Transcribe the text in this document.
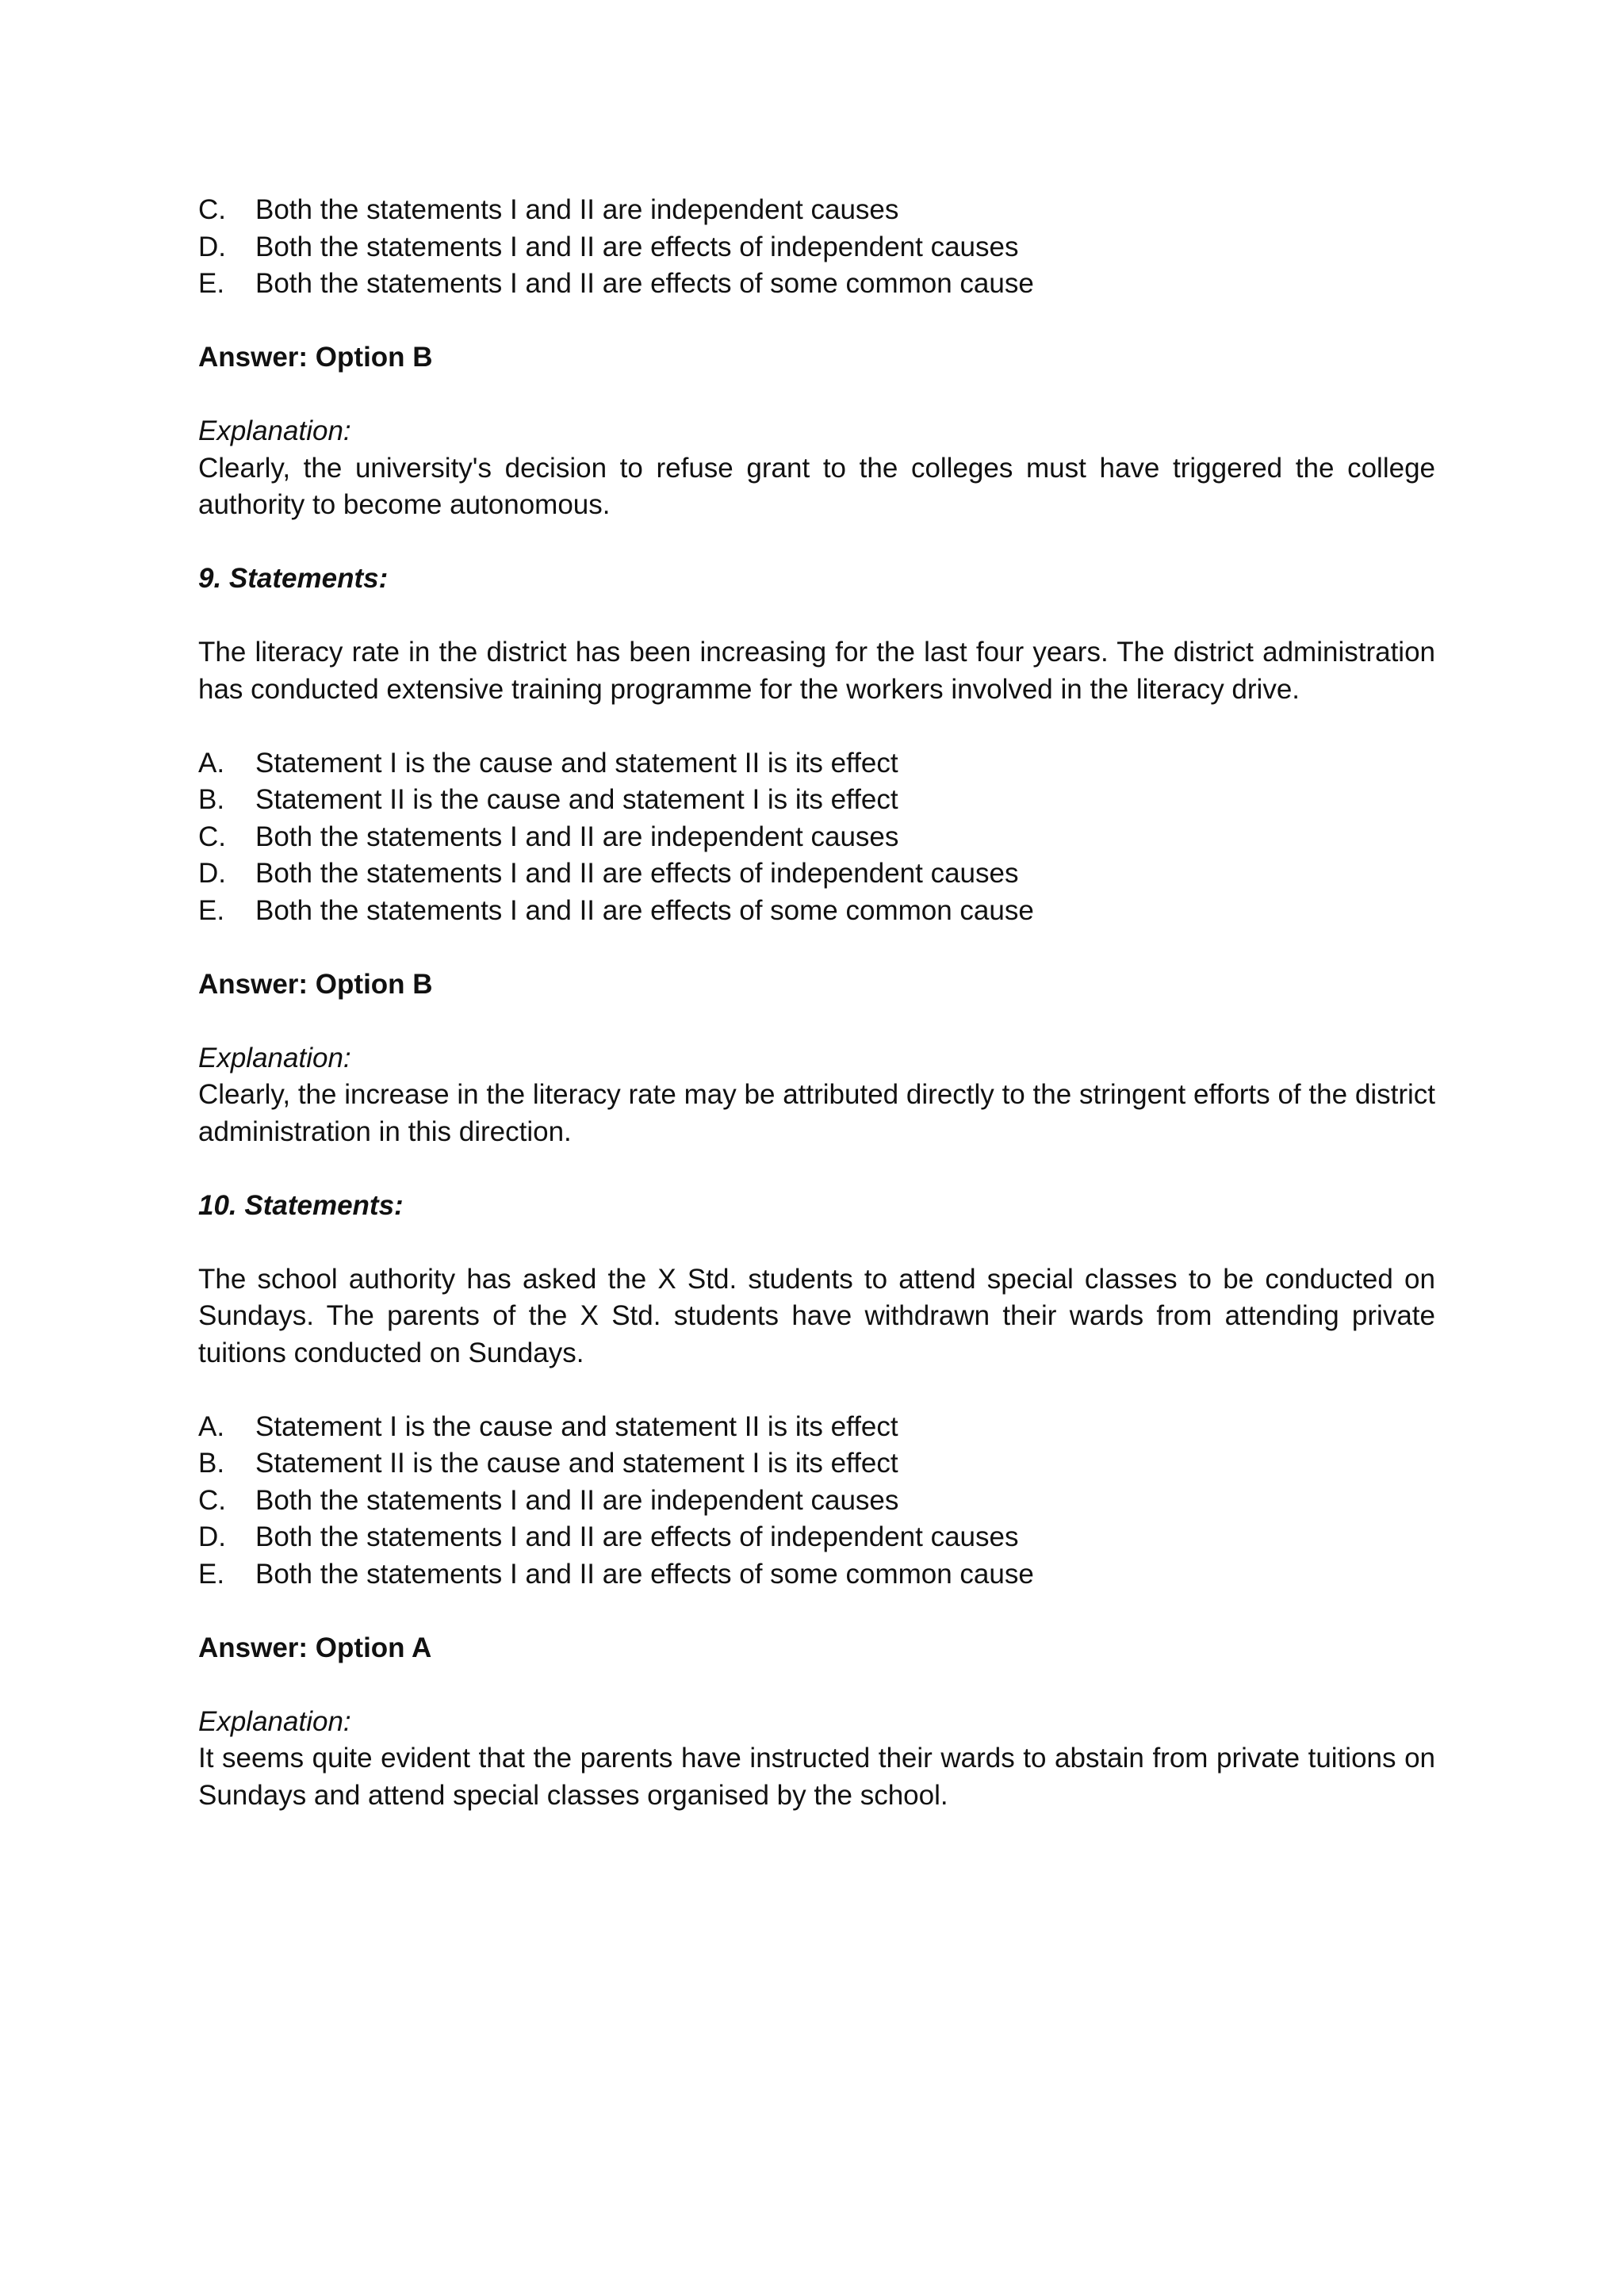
C.	Both the statements I and II are independent causes
D.	Both the statements I and II are effects of independent causes
E.	Both the statements I and II are effects of some common cause
Answer: Option B
Explanation:
Clearly, the university's decision to refuse grant to the colleges must have triggered the college authority to become autonomous.
9. Statements:
The literacy rate in the district has been increasing for the last four years. The district administration has conducted extensive training programme for the workers involved in the literacy drive.
A.	Statement I is the cause and statement II is its effect
B.	Statement II is the cause and statement I is its effect
C.	Both the statements I and II are independent causes
D.	Both the statements I and II are effects of independent causes
E.	Both the statements I and II are effects of some common cause
Answer: Option B
Explanation:
Clearly, the increase in the literacy rate may be attributed directly to the stringent efforts of the district administration in this direction.
10. Statements:
The school authority has asked the X Std. students to attend special classes to be conducted on Sundays. The parents of the X Std. students have withdrawn their wards from attending private tuitions conducted on Sundays.
A.	Statement I is the cause and statement II is its effect
B.	Statement II is the cause and statement I is its effect
C.	Both the statements I and II are independent causes
D.	Both the statements I and II are effects of independent causes
E.	Both the statements I and II are effects of some common cause
Answer: Option A
Explanation:
It seems quite evident that the parents have instructed their wards to abstain from private tuitions on Sundays and attend special classes organised by the school.
